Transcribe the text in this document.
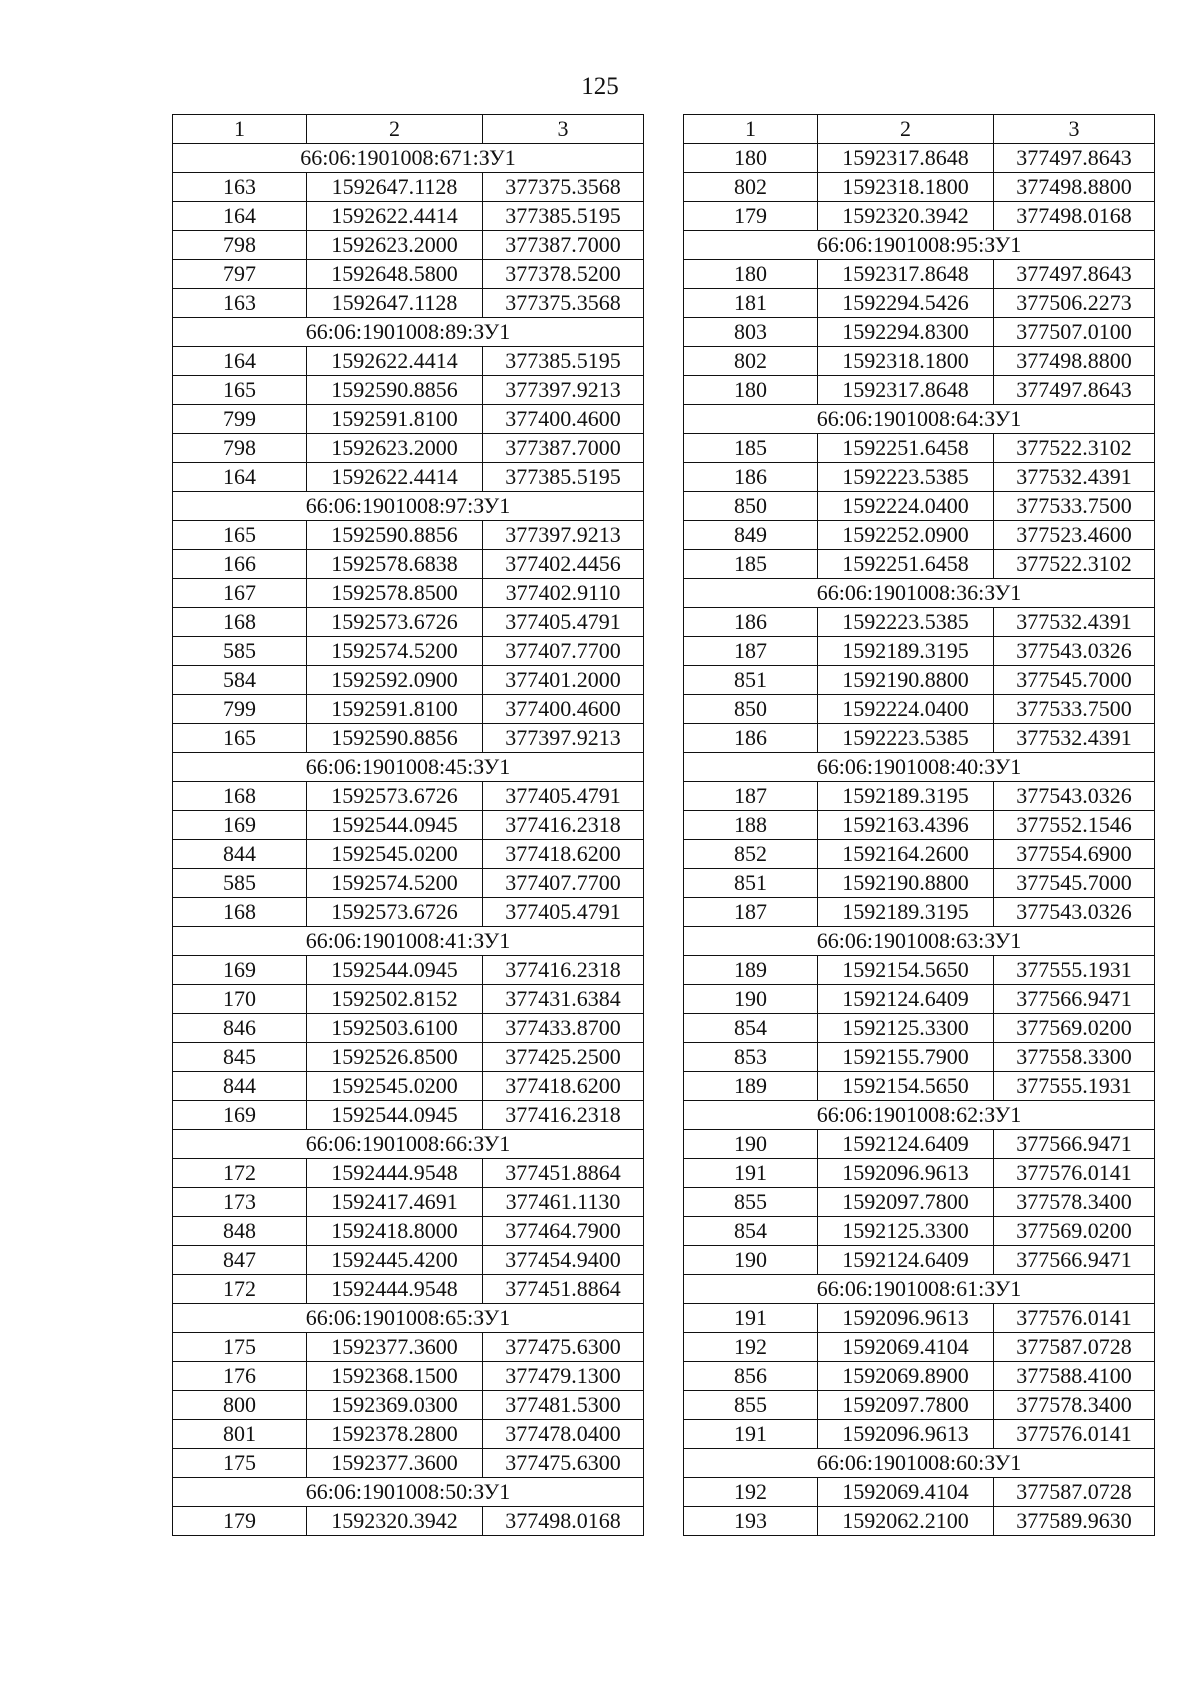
125
1	2	3
66:06:1901008:671:ЗУ1		
163	1592647.1128	377375.3568
164	1592622.4414	377385.5195
798	1592623.2000	377387.7000
797	1592648.5800	377378.5200
163	1592647.1128	377375.3568
66:06:1901008:89:ЗУ1		
164	1592622.4414	377385.5195
165	1592590.8856	377397.9213
799	1592591.8100	377400.4600
798	1592623.2000	377387.7000
164	1592622.4414	377385.5195
66:06:1901008:97:ЗУ1		
165	1592590.8856	377397.9213
166	1592578.6838	377402.4456
167	1592578.8500	377402.9110
168	1592573.6726	377405.4791
585	1592574.5200	377407.7700
584	1592592.0900	377401.2000
799	1592591.8100	377400.4600
165	1592590.8856	377397.9213
66:06:1901008:45:ЗУ1		
168	1592573.6726	377405.4791
169	1592544.0945	377416.2318
844	1592545.0200	377418.6200
585	1592574.5200	377407.7700
168	1592573.6726	377405.4791
66:06:1901008:41:ЗУ1		
169	1592544.0945	377416.2318
170	1592502.8152	377431.6384
846	1592503.6100	377433.8700
845	1592526.8500	377425.2500
844	1592545.0200	377418.6200
169	1592544.0945	377416.2318
66:06:1901008:66:ЗУ1		
172	1592444.9548	377451.8864
173	1592417.4691	377461.1130
848	1592418.8000	377464.7900
847	1592445.4200	377454.9400
172	1592444.9548	377451.8864
66:06:1901008:65:ЗУ1		
175	1592377.3600	377475.6300
176	1592368.1500	377479.1300
800	1592369.0300	377481.5300
801	1592378.2800	377478.0400
175	1592377.3600	377475.6300
66:06:1901008:50:ЗУ1		
179	1592320.3942	377498.0168
1	2	3
180	1592317.8648	377497.8643
802	1592318.1800	377498.8800
179	1592320.3942	377498.0168
66:06:1901008:95:ЗУ1		
180	1592317.8648	377497.8643
181	1592294.5426	377506.2273
803	1592294.8300	377507.0100
802	1592318.1800	377498.8800
180	1592317.8648	377497.8643
66:06:1901008:64:ЗУ1		
185	1592251.6458	377522.3102
186	1592223.5385	377532.4391
850	1592224.0400	377533.7500
849	1592252.0900	377523.4600
185	1592251.6458	377522.3102
66:06:1901008:36:ЗУ1		
186	1592223.5385	377532.4391
187	1592189.3195	377543.0326
851	1592190.8800	377545.7000
850	1592224.0400	377533.7500
186	1592223.5385	377532.4391
66:06:1901008:40:ЗУ1		
187	1592189.3195	377543.0326
188	1592163.4396	377552.1546
852	1592164.2600	377554.6900
851	1592190.8800	377545.7000
187	1592189.3195	377543.0326
66:06:1901008:63:ЗУ1		
189	1592154.5650	377555.1931
190	1592124.6409	377566.9471
854	1592125.3300	377569.0200
853	1592155.7900	377558.3300
189	1592154.5650	377555.1931
66:06:1901008:62:ЗУ1		
190	1592124.6409	377566.9471
191	1592096.9613	377576.0141
855	1592097.7800	377578.3400
854	1592125.3300	377569.0200
190	1592124.6409	377566.9471
66:06:1901008:61:ЗУ1		
191	1592096.9613	377576.0141
192	1592069.4104	377587.0728
856	1592069.8900	377588.4100
855	1592097.7800	377578.3400
191	1592096.9613	377576.0141
66:06:1901008:60:ЗУ1		
192	1592069.4104	377587.0728
193	1592062.2100	377589.9630
